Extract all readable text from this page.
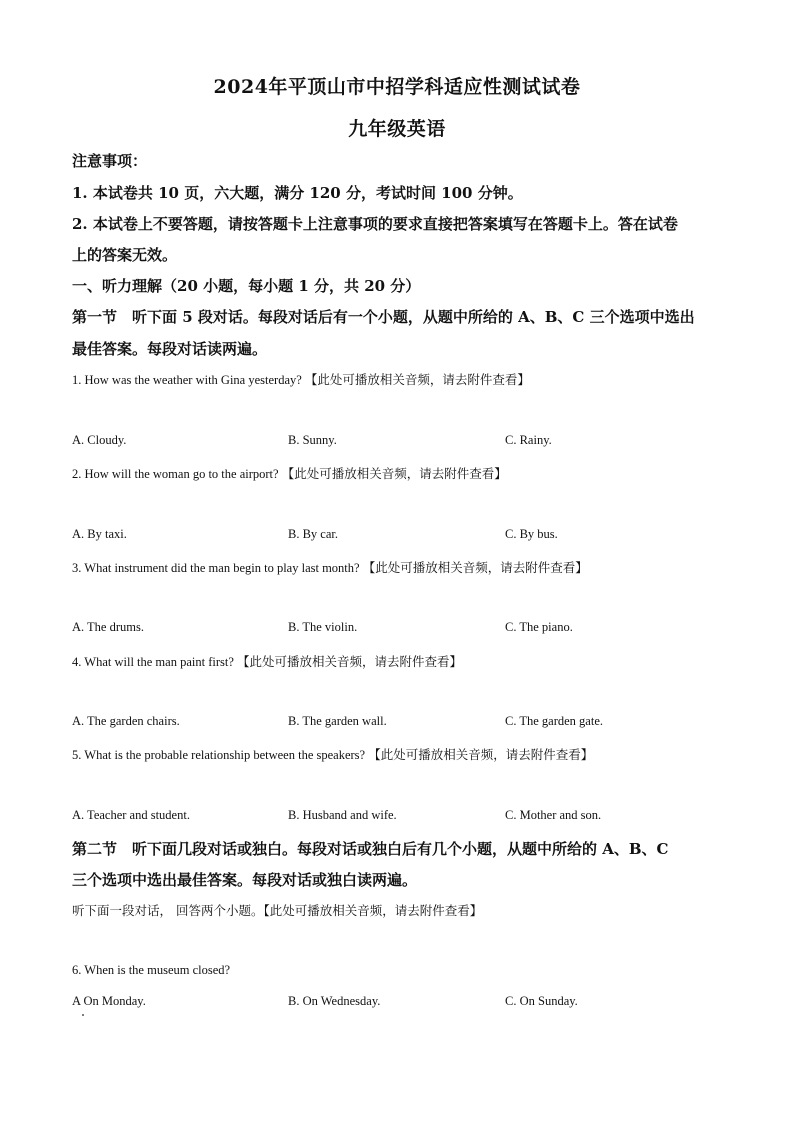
2024年平顶山市中招学科适应性测试试卷
九年级英语
注意事项：
1. 本试卷共 10 页，六大题，满分 120 分，考试时间 100 分钟。
2. 本试卷上不要答题，请按答题卡上注意事项的要求直接把答案填写在答题卡上。答在试卷
上的答案无效。
一、听力理解（20 小题，每小题 1 分，共 20 分）
第一节　听下面 5 段对话。每段对话后有一个小题，从题中所给的 A、B、C 三个选项中选出
最佳答案。每段对话读两遍。
1. How was the weather with Gina yesterday? 【此处可播放相关音频，请去附件查看】
A. Cloudy.	B. Sunny.	C. Rainy.
2. How will the woman go to the airport? 【此处可播放相关音频，请去附件查看】
A. By taxi.	B. By car.	C. By bus.
3. What instrument did the man begin to play last month? 【此处可播放相关音频，请去附件查看】
A. The drums.	B. The violin.	C. The piano.
4. What will the man paint first? 【此处可播放相关音频，请去附件查看】
A. The garden chairs.	B. The garden wall.	C. The garden gate.
5. What is the probable relationship between the speakers? 【此处可播放相关音频，请去附件查看】
A. Teacher and student.	B. Husband and wife.	C. Mother and son.
第二节　听下面几段对话或独白。每段对话或独白后有几个小题，从题中所给的 A、B、C
三个选项中选出最佳答案。每段对话或独白读两遍。
听下面一段对话， 回答两个小题。【此处可播放相关音频，请去附件查看】
6. When is the museum closed?
A On Monday.	B. On Wednesday.	C. On Sunday.
